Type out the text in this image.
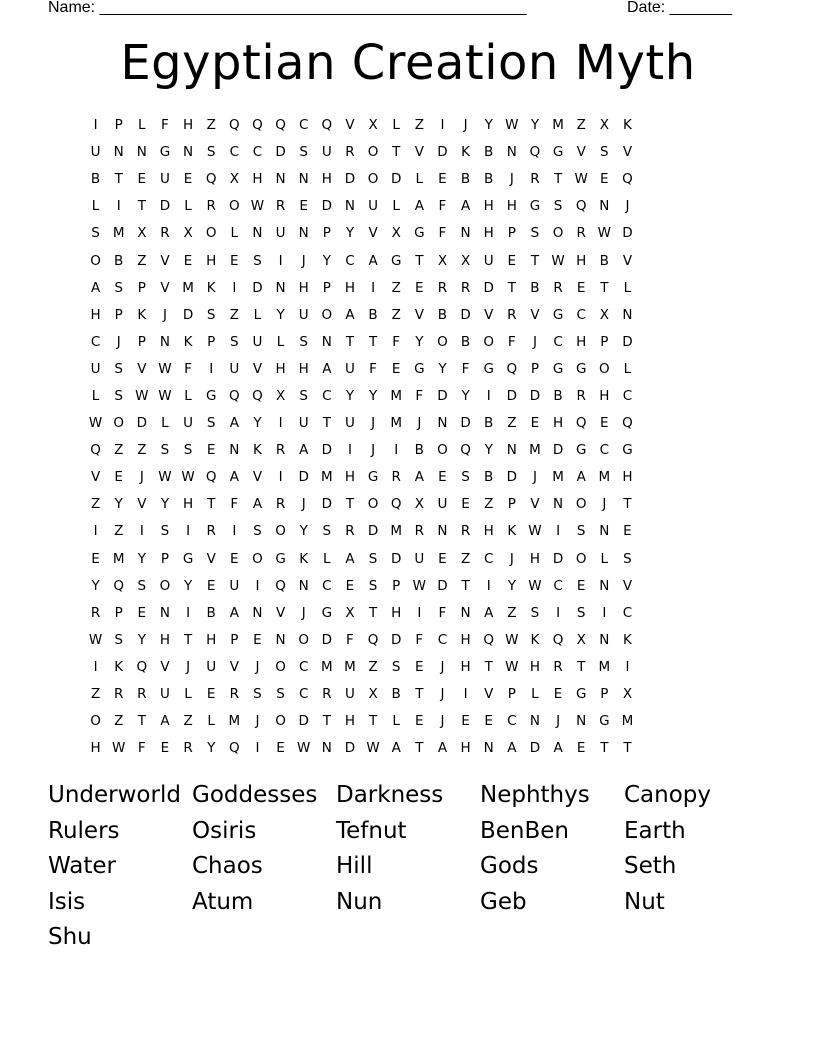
Name: ________________________________________________	Date: _______
Egyptian Creation Myth
I	P	L	F	H Z Q Q Q C Q V	X	L	Z	I	J	Y W Y M Z	X	K
U N N G N	S	C	C D	S	U R O	T	V D K	B N Q G V	S	V
B	T	E	U	E	Q X H N N H D O D	L	E	B	B	J	R	T W E	Q
L	I	T	D	L	R O W R	E	D N U	L	A	F	A H H G	S	Q N	J
S M X	R	X O	L	N U N	P	Y	V	X G	F	N H	P	S	O R W D
O B	Z	V	E	H	E	S	I	J	Y	C	A G	T	X	X	U	E	T W H B	V
A	S	P	V M K	I	D N H	P	H	I	Z	E	R	R D	T	B	R	E	T	L
H	P	K	J	D	S	Z	L	Y	U O A	B	Z	V	B D V	R	V G C	X N
C	J	P	N	K	P	S	U	L	S	N	T	T	F	Y	O B O	F	J	C H	P	D
U	S	V W F	I	U	V H H A	U	F	E	G	Y	F	G Q	P	G G O	L
L	S W W L	G Q Q X	S	C	Y	Y M F	D	Y	I	D D B	R H C
W O D	L	U	S	A	Y	I	U	T	U	J	M	J	N D B	Z	E	H Q	E	Q
Q Z	Z	S	S	E	N	K	R	A D	I	J	I	B O Q	Y	N M D G C G
V	E	J	W W Q A	V	I	D M H G R	A	E	S	B D	J	M A M H
Z	Y	V	Y	H	T	F	A	R	J	D	T	O Q X	U	E	Z	P	V N O	J	T
I	Z	I	S	I	R	I	S	O	Y	S	R D M R N R H	K W	I	S	N	E
E M Y	P	G V	E	O G K	L	A	S	D U	E	Z	C	J	H D O	L	S
Y	Q	S	O	Y	E	U	I	Q N C	E	S	P W D	T	I	Y W C	E	N V
R	P	E	N	I	B	A N V	J	G X	T	H	I	F	N A	Z	S	I	S	I	C
W S	Y	H	T	H	P	E	N O D	F	Q D	F	C H Q W K Q X N	K
I	K Q V	J	U	V	J	O C M M Z	S	E	J	H	T W H R	T M	I
Z	R	R U	L	E	R	S	S	C	R U	X	B	T	J	I	V	P	L	E	G	P	X
O Z	T	A	Z	L	M	J	O D	T	H	T	L	E	J	E	E	C N	J	N G M
H W F	E	R	Y	Q	I	E W N D W A	T	A H N A D A	E	T	T
Underworld Goddesses Darkness	Nephthys	Canopy
Rulers	Osiris	Tefnut	BenBen	Earth
Water	Chaos	Hill	Gods	Seth
Isis	Atum	Nun	Geb	Nut
Shu
